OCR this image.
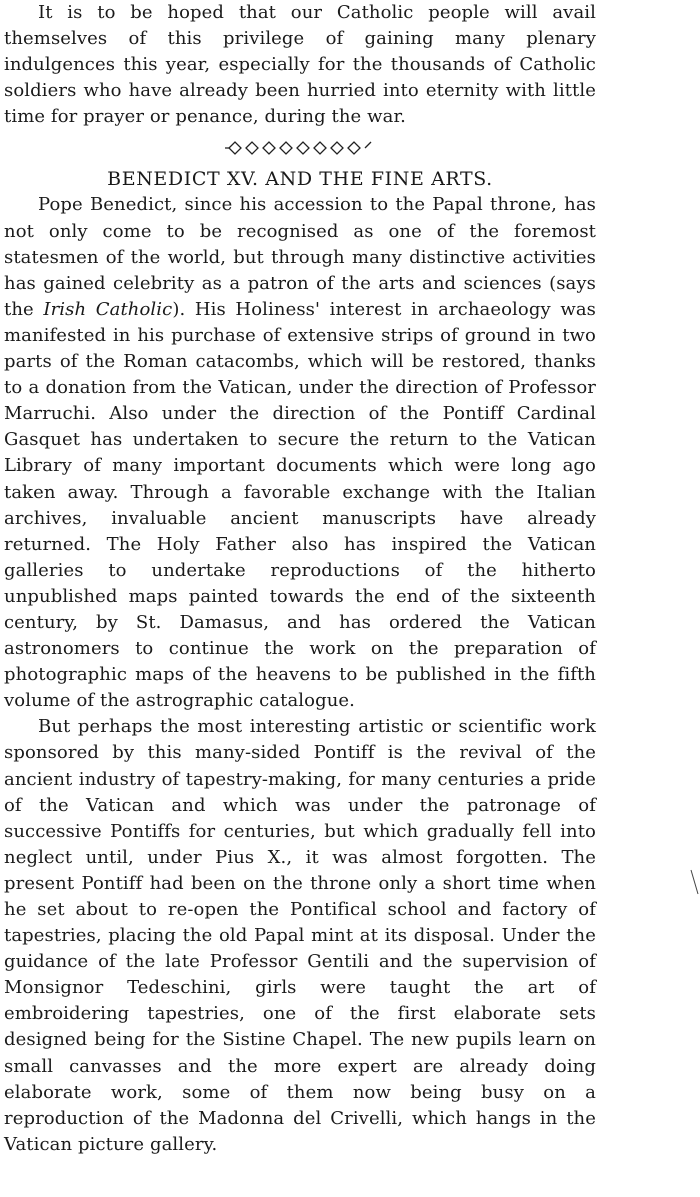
It is to be hoped that our Catholic people will avail themselves of this privilege of gaining many plenary indulgences this year, especially for the thousands of Catholic soldiers who have already been hurried into eternity with little time for prayer or penance, during the war.

BENEDICT XV. AND THE FINE ARTS.

Pope Benedict, since his accession to the Papal throne, has not only come to be recognised as one of the foremost statesmen of the world, but through many distinctive activities has gained celebrity as a patron of the arts and sciences (says the Irish Catholic). His Holiness' interest in archaeology was manifested in his purchase of extensive strips of ground in two parts of the Roman catacombs, which will be restored, thanks to a donation from the Vatican, under the direction of Professor Marruchi. Also under the direction of the Pontiff Cardinal Gasquet has undertaken to secure the return to the Vatican Library of many important documents which were long ago taken away. Through a favorable exchange with the Italian archives, invaluable ancient manuscripts have already returned. The Holy Father also has inspired the Vatican galleries to undertake reproductions of the hitherto unpublished maps painted towards the end of the sixteenth century, by St. Damasus, and has ordered the Vatican astronomers to continue the work on the preparation of photographic maps of the heavens to be published in the fifth volume of the astrographic catalogue.

But perhaps the most interesting artistic or scientific work sponsored by this many-sided Pontiff is the revival of the ancient industry of tapestry-making, for many centuries a pride of the Vatican and which was under the patronage of successive Pontiffs for centuries, but which gradually fell into neglect until, under Pius X., it was almost forgotten. The present Pontiff had been on the throne only a short time when he set about to re-open the Pontifical school and factory of tapestries, placing the old Papal mint at its disposal. Under the guidance of the late Professor Gentili and the supervision of Monsignor Tedeschini, girls were taught the art of embroidering tapestries, one of the first elaborate sets designed being for the Sistine Chapel. The new pupils learn on small canvasses and the more expert are already doing elaborate work, some of them now being busy on a reproduction of the Madonna del Crivelli, which hangs in the Vatican picture gallery.
